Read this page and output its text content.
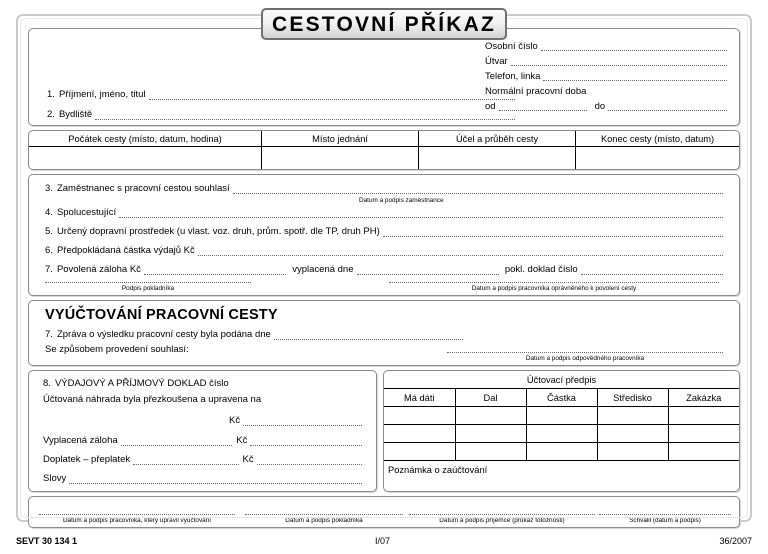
Osobní číslo
Útvar
Telefon, linka
Normální pracovní doba
od	do
1. Příjmení, jméno, titul
2. Bydliště
Počátek cesty (místo, datum, hodina)	Místo jednání	Účel a průběh cesty	Konec cesty (místo, datum)

3. Zaměstnanec s pracovní cestou souhlasí
Datum a podpis zaměstnance
4. Spolucestující
5. Určený dopravní prostředek (u vlast. voz. druh, prům. spotř. dle TP, druh PH)
6. Předpokládaná částka výdajů Kč
7. Povolená záloha Kč	vyplacená dne	pokl. doklad číslo
Podpis pokladníka	Datum a podpis pracovníka oprávněného k povolení cesty
VYÚČTOVÁNÍ PRACOVNÍ CESTY
7. Zpráva o výsledku pracovní cesty byla podána dne
Se způsobem provedení souhlasí:
Datum a podpis odpovědného pracovníka
8. VÝDAJOVÝ A PŘÍJMOVÝ DOKLAD číslo
Účtovaná náhrada byla přezkoušena a upravena na
Kč
Vyplacená záloha	Kč
Doplatek – přeplatek	Kč
Slovy
Účtovací předpis				
Má dáti	Dal	Částka	Středisko	Zakázka

Poznámka o zaúčtování				
Datum a podpis pracovníka, který upravil vyúčtování	Datum a podpis pokladníka	Datum a podpis příjemce (průkaz totožnosti)	Schválil (datum a podpis)
CESTOVNÍ PŘÍKAZ
SEVT 30 134 1	I/07	36/2007
